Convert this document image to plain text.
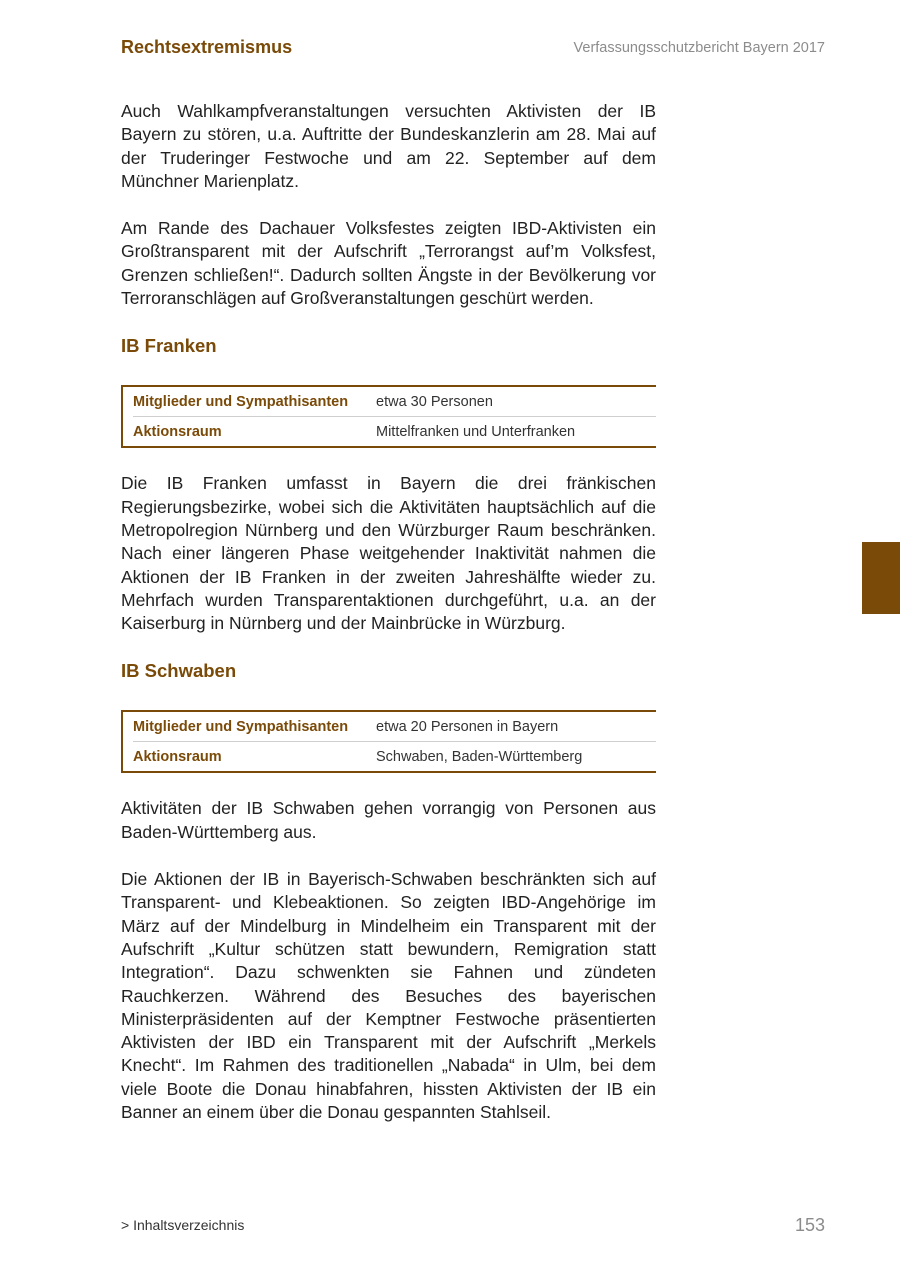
Rechtsextremismus	Verfassungsschutzbericht Bayern 2017

Auch Wahlkampfveranstaltungen versuchten Aktivisten der IB Bayern zu stören, u.a. Auftritte der Bundeskanzlerin am 28. Mai auf der Truderinger Festwoche und am 22. September auf dem Münchner Marienplatz.

Am Rande des Dachauer Volksfestes zeigten IBD-Aktivisten ein Großtransparent mit der Aufschrift „Terrorangst auf’m Volksfest, Grenzen schließen!“. Dadurch sollten Ängste in der Bevölkerung vor Terroranschlägen auf Großveranstaltungen geschürt werden.

IB Franken
Mitglieder und Sympathisanten	etwa 30 Personen
Aktionsraum	Mittelfranken und Unterfranken

Die IB Franken umfasst in Bayern die drei fränkischen Regierungsbezirke, wobei sich die Aktivitäten hauptsächlich auf die Metropolregion Nürnberg und den Würzburger Raum beschränken. Nach einer längeren Phase weitgehender Inaktivität nahmen die Aktionen der IB Franken in der zweiten Jahreshälfte wieder zu. Mehrfach wurden Transparentaktionen durchgeführt, u.a. an der Kaiserburg in Nürnberg und der Mainbrücke in Würzburg.

IB Schwaben
Mitglieder und Sympathisanten	etwa 20 Personen in Bayern
Aktionsraum	Schwaben, Baden-Württemberg

Aktivitäten der IB Schwaben gehen vorrangig von Personen aus Baden-Württemberg aus.

Die Aktionen der IB in Bayerisch-Schwaben beschränkten sich auf Transparent- und Klebeaktionen. So zeigten IBD-Angehörige im März auf der Mindelburg in Mindelheim ein Transparent mit der Aufschrift „Kultur schützen statt bewundern, Remigration statt Integration“. Dazu schwenkten sie Fahnen und zündeten Rauchkerzen. Während des Besuches des bayerischen Ministerpräsidenten auf der Kemptner Festwoche präsentierten Aktivisten der IBD ein Transparent mit der Aufschrift „Merkels Knecht“. Im Rahmen des traditionellen „Nabada“ in Ulm, bei dem viele Boote die Donau hinabfahren, hissten Aktivisten der IB ein Banner an einem über die Donau gespannten Stahlseil.

> Inhaltsverzeichnis	153
